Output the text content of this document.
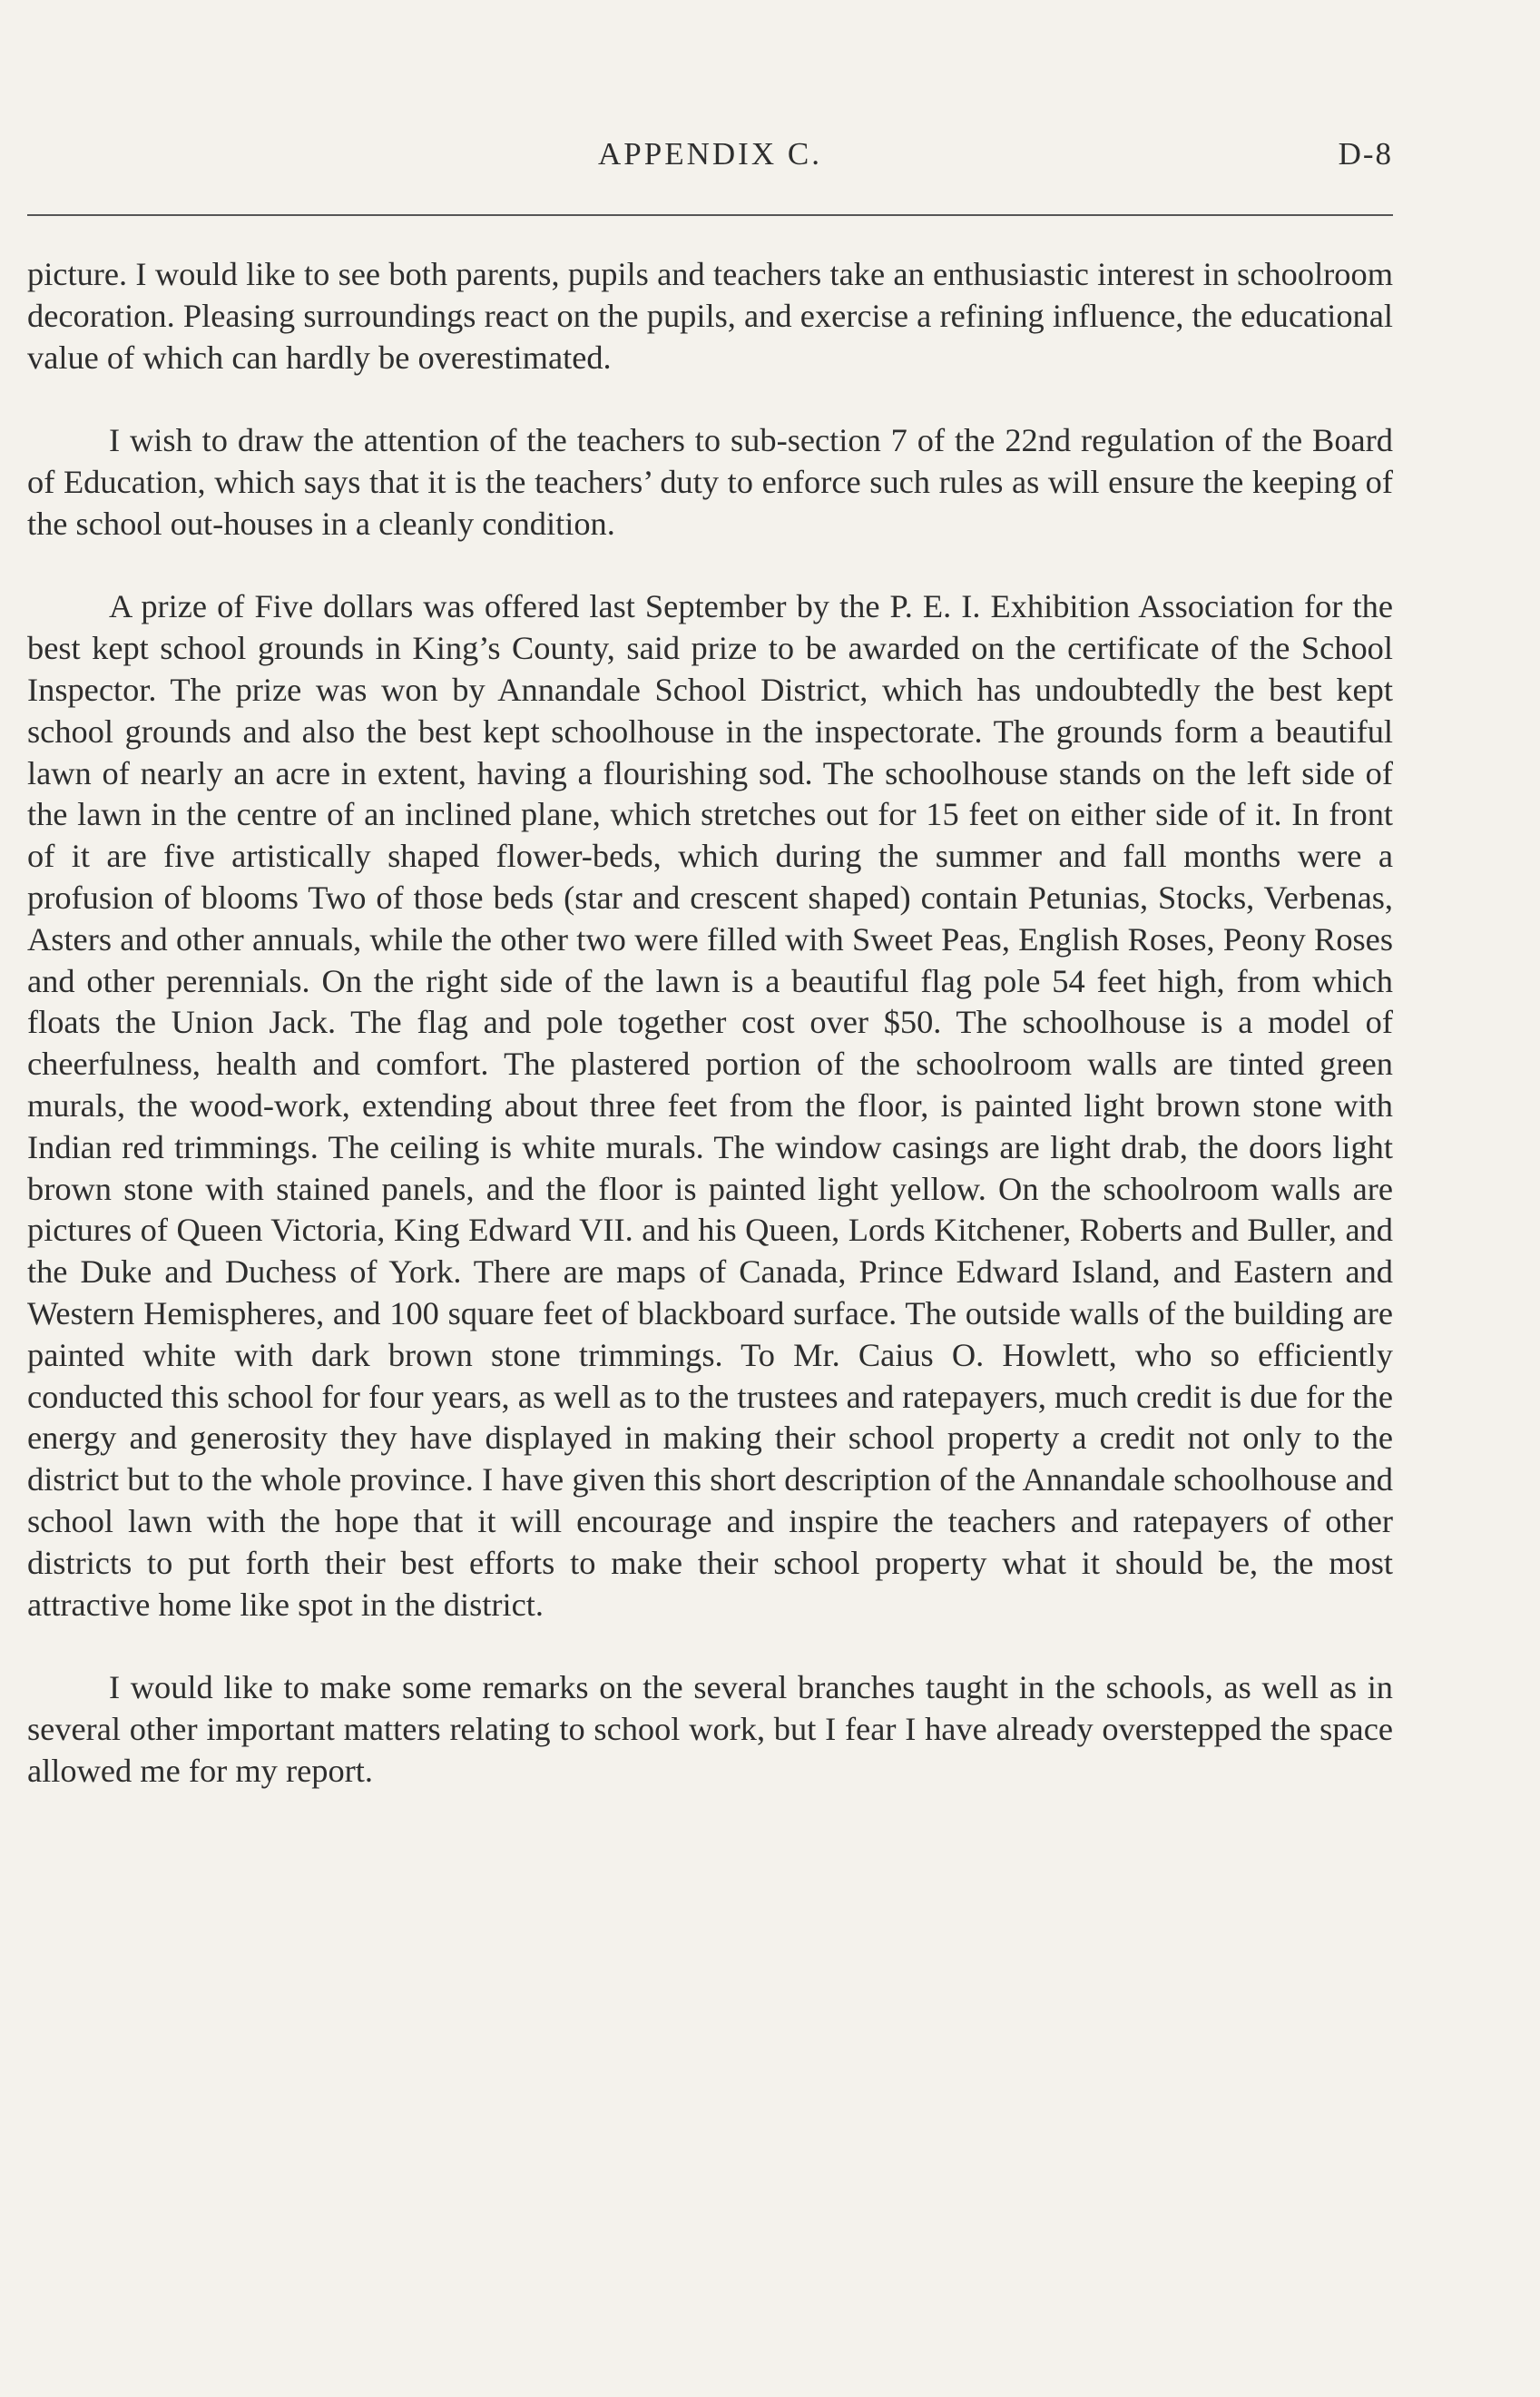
APPENDIX C.	D-8

picture. I would like to see both parents, pupils and teachers take an enthusiastic interest in schoolroom decoration. Pleasing surroundings react on the pupils, and exercise a refining influence, the educational value of which can hardly be overestimated.

I wish to draw the attention of the teachers to sub-section 7 of the 22nd regulation of the Board of Education, which says that it is the teachers’ duty to enforce such rules as will ensure the keeping of the school out-houses in a cleanly condition.

A prize of Five dollars was offered last September by the P. E. I. Exhibition Association for the best kept school grounds in King’s County, said prize to be awarded on the certificate of the School Inspector. The prize was won by Annandale School District, which has undoubtedly the best kept school grounds and also the best kept schoolhouse in the inspectorate. The grounds form a beautiful lawn of nearly an acre in extent, having a flourishing sod. The schoolhouse stands on the left side of the lawn in the centre of an inclined plane, which stretches out for 15 feet on either side of it. In front of it are five artistically shaped flower-beds, which during the summer and fall months were a profusion of blooms Two of those beds (star and crescent shaped) contain Petunias, Stocks, Verbenas, Asters and other annuals, while the other two were filled with Sweet Peas, English Roses, Peony Roses and other perennials. On the right side of the lawn is a beautiful flag pole 54 feet high, from which floats the Union Jack. The flag and pole together cost over $50. The schoolhouse is a model of cheerfulness, health and comfort. The plastered portion of the schoolroom walls are tinted green murals, the wood-work, extending about three feet from the floor, is painted light brown stone with Indian red trimmings. The ceiling is white murals. The window casings are light drab, the doors light brown stone with stained panels, and the floor is painted light yellow. On the schoolroom walls are pictures of Queen Victoria, King Edward VII. and his Queen, Lords Kitchener, Roberts and Buller, and the Duke and Duchess of York. There are maps of Canada, Prince Edward Island, and Eastern and Western Hemispheres, and 100 square feet of blackboard surface. The outside walls of the building are painted white with dark brown stone trimmings. To Mr. Caius O. Howlett, who so efficiently conducted this school for four years, as well as to the trustees and ratepayers, much credit is due for the energy and generosity they have displayed in making their school property a credit not only to the district but to the whole province. I have given this short description of the Annandale schoolhouse and school lawn with the hope that it will encourage and inspire the teachers and ratepayers of other districts to put forth their best efforts to make their school property what it should be, the most attractive home like spot in the district.

I would like to make some remarks on the several branches taught in the schools, as well as in several other important matters relating to school work, but I fear I have already overstepped the space allowed me for my report.
